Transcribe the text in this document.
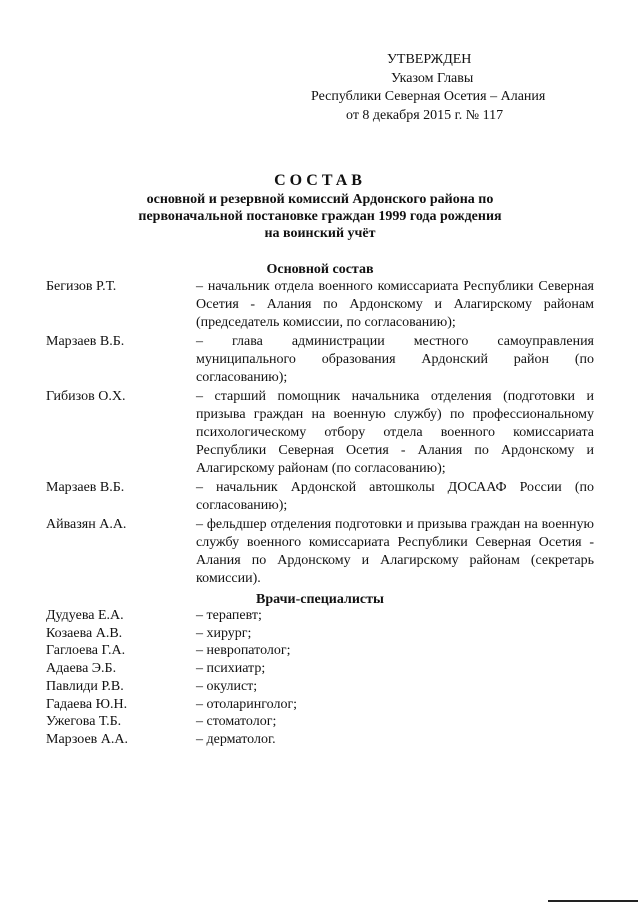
УТВЕРЖДЕН
Указом Главы
Республики Северная Осетия – Алания
от 8 декабря 2015 г. № 117
СОСТАВ
основной и резервной комиссий Ардонского района по
первоначальной постановке граждан 1999 года рождения
на воинский учёт
Основной состав
Бегизов Р.Т.	– начальник отдела военного комиссариата Республики Северная Осетия - Алания по Ардонскому и Алагирскому районам (председатель комиссии, по согласованию);
Марзаев В.Б.	– глава администрации местного самоуправления муниципального образования Ардонский район (по согласованию);
Гибизов О.Х.	– старший помощник начальника отделения (подготовки и призыва граждан на военную службу) по профессиональному психологическому отбору отдела военного комиссариата Республики Северная Осетия - Алания по Ардонскому и Алагирскому районам (по согласованию);
Марзаев В.Б.	– начальник Ардонской автошколы ДОСААФ России (по согласованию);
Айвазян А.А.	– фельдшер отделения подготовки и призыва граждан на военную службу военного комиссариата Республики Северная Осетия - Алания по Ардонскому и Алагирскому районам (секретарь комиссии).
Врачи-специалисты
Дудуева Е.А.	– терапевт;
Козаева А.В.	– хирург;
Гаглоева Г.А.	– невропатолог;
Адаева Э.Б.	– психиатр;
Павлиди Р.В.	– окулист;
Гадаева Ю.Н.	– отоларинголог;
Ужегова Т.Б.	– стоматолог;
Марзоев А.А.	– дерматолог.
